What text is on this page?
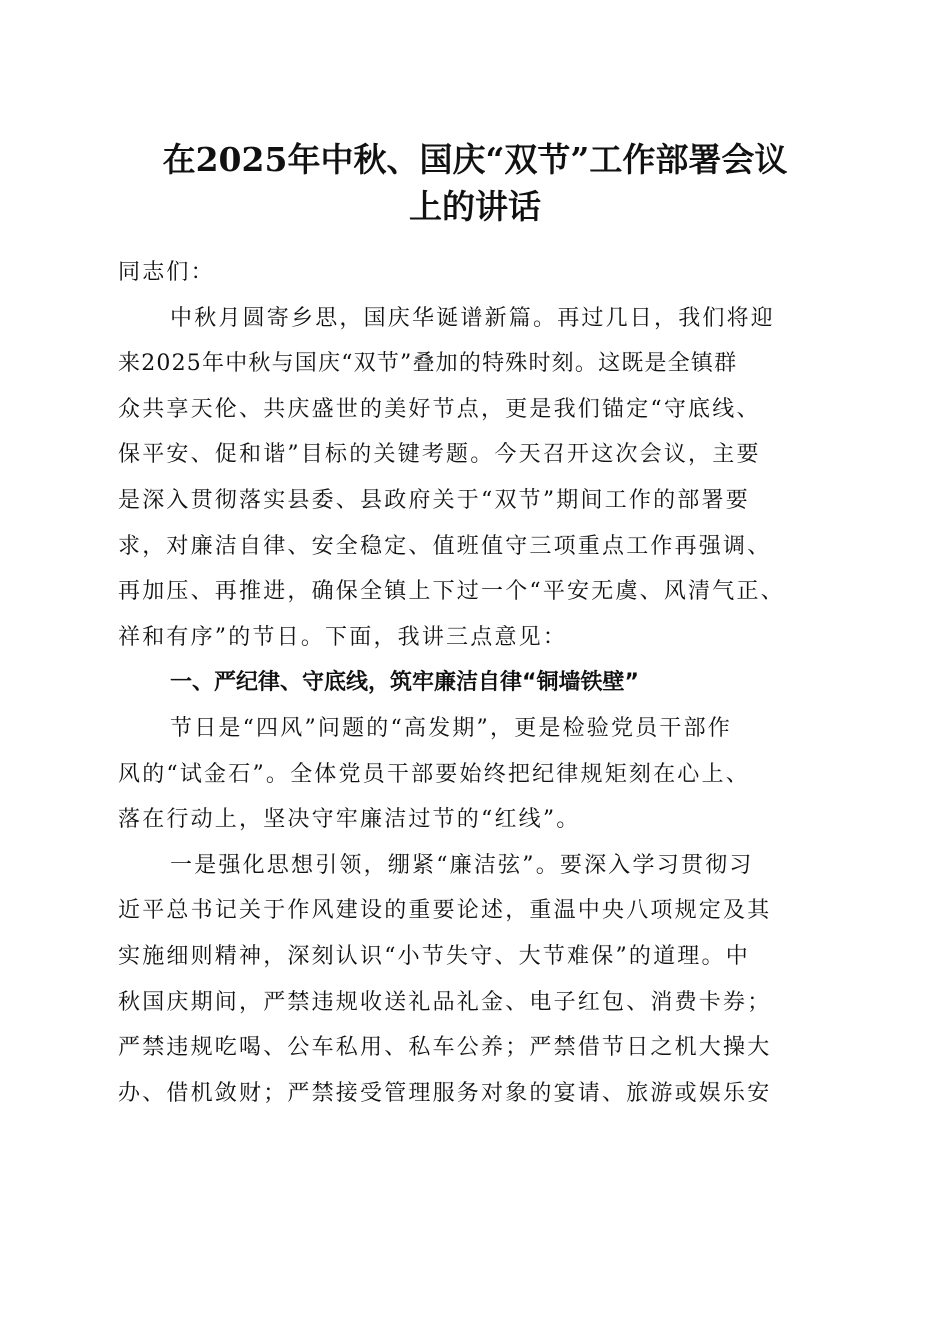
在2025年中秋、国庆“双节”工作部署会议
上的讲话
同志们：
中秋月圆寄乡思，国庆华诞谱新篇。再过几日，我们将迎
来2025年中秋与国庆“双节”叠加的特殊时刻。这既是全镇群
众共享天伦、共庆盛世的美好节点，更是我们锚定“守底线、
保平安、促和谐”目标的关键考题。今天召开这次会议，主要
是深入贯彻落实县委、县政府关于“双节”期间工作的部署要
求，对廉洁自律、安全稳定、值班值守三项重点工作再强调、
再加压、再推进，确保全镇上下过一个“平安无虞、风清气正、
祥和有序”的节日。下面，我讲三点意见：
一、严纪律、守底线，筑牢廉洁自律“铜墙铁壁”
节日是“四风”问题的“高发期”，更是检验党员干部作
风的“试金石”。全体党员干部要始终把纪律规矩刻在心上、
落在行动上，坚决守牢廉洁过节的“红线”。
一是强化思想引领，绷紧“廉洁弦”。要深入学习贯彻习
近平总书记关于作风建设的重要论述，重温中央八项规定及其
实施细则精神，深刻认识“小节失守、大节难保”的道理。中
秋国庆期间，严禁违规收送礼品礼金、电子红包、消费卡券；
严禁违规吃喝、公车私用、私车公养；严禁借节日之机大操大
办、借机敛财；严禁接受管理服务对象的宴请、旅游或娱乐安
